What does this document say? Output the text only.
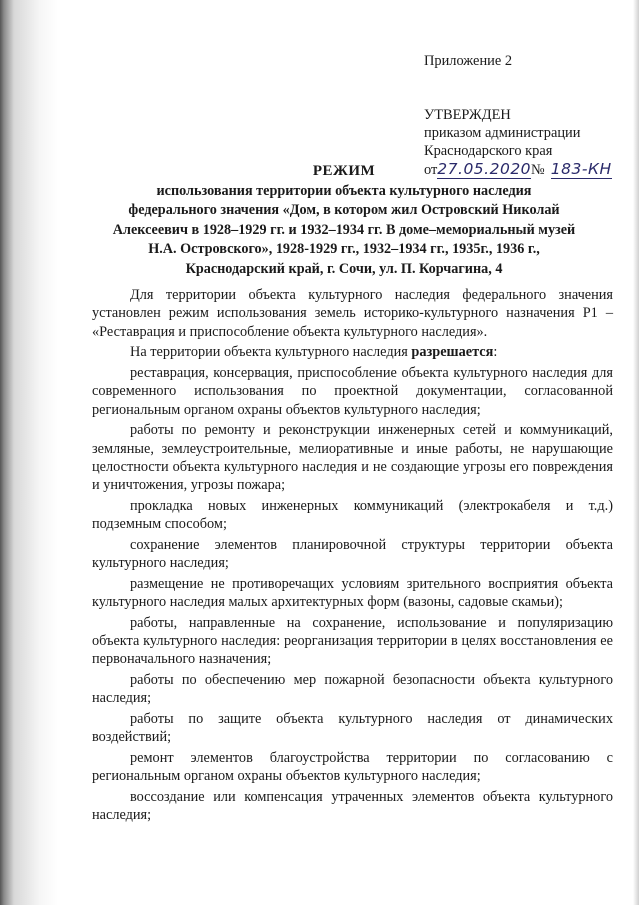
Приложение 2
УТВЕРЖДЕН
приказом администрации
Краснодарского края
от27.05.2020№ 183-КН
РЕЖИМ
использования территории объекта культурного наследия
федерального значения «Дом, в котором жил Островский Николай
Алексеевич в 1928–1929 гг. и 1932–1934 гг. В доме–мемориальный музей
Н.А. Островского», 1928-1929 гг., 1932–1934 гг., 1935г., 1936 г.,
Краснодарский край, г. Сочи, ул. П. Корчагина, 4

Для территории объекта культурного наследия федерального значения установлен режим использования земель историко-культурного назначения Р1 – «Реставрация и приспособление объекта культурного наследия».

На территории объекта культурного наследия разрешается:

реставрация, консервация, приспособление объекта культурного наследия для современного использования по проектной документации, согласованной региональным органом охраны объектов культурного наследия;

работы по ремонту и реконструкции инженерных сетей и коммуникаций, земляные, землеустроительные, мелиоративные и иные работы, не нарушающие целостности объекта культурного наследия и не создающие угрозы его повреждения и уничтожения, угрозы пожара;

прокладка новых инженерных коммуникаций (электрокабеля и т.д.) подземным способом;

сохранение элементов планировочной структуры территории объекта культурного наследия;

размещение не противоречащих условиям зрительного восприятия объекта культурного наследия малых архитектурных форм (вазоны, садовые скамьи);

работы, направленные на сохранение, использование и популяризацию объекта культурного наследия: реорганизация территории в целях восстановления ее первоначального назначения;

работы по обеспечению мер пожарной безопасности объекта культурного наследия;

работы по защите объекта культурного наследия от динамических воздействий;

ремонт элементов благоустройства территории по согласованию с региональным органом охраны объектов культурного наследия;

воссоздание или компенсация утраченных элементов объекта культурного наследия;
